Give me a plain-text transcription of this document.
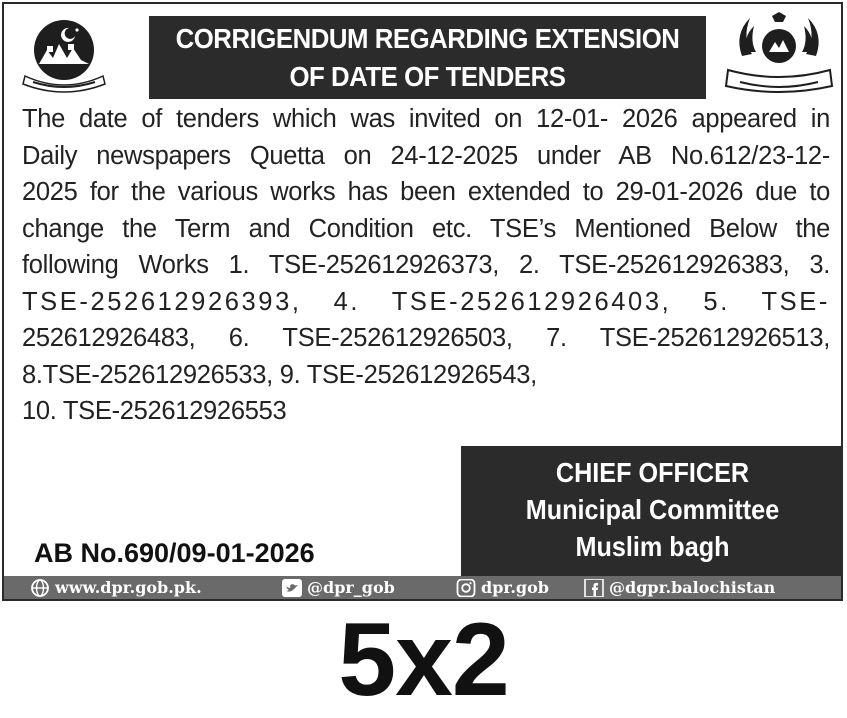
CORRIGENDUM REGARDING EXTENSION
OF DATE OF TENDERS
The date of tenders which was invited on 12-01- 2026 appeared in
Daily newspapers Quetta on 24-12-2025 under AB No.612/23-12-
2025 for the various works has been extended to 29-01-2026 due to
change the Term and Condition etc. TSE’s Mentioned Below the
following Works 1. TSE-252612926373, 2. TSE-252612926383, 3.
TSE-252612926393, 4. TSE-252612926403, 5. TSE-
252612926483, 6. TSE-252612926503, 7. TSE-252612926513,
8.TSE-252612926533, 9. TSE-252612926543,
10. TSE-252612926553
CHIEF OFFICER
Municipal Committee
Muslim bagh
AB No.690/09-01-2026
www.dpr.gob.pk.	@dpr_gob	dpr.gob	@dgpr.balochistan
5x2
